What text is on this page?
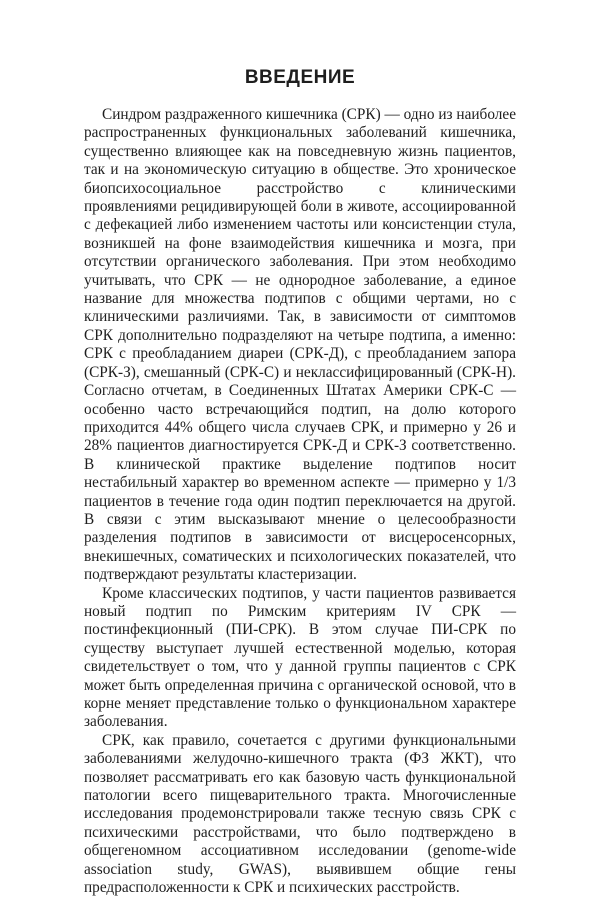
ВВЕДЕНИЕ

Синдром раздраженного кишечника (СРК) — одно из наиболее распространенных функциональных заболеваний кишечника, существенно влияющее как на повседневную жизнь пациентов, так и на экономическую ситуацию в обществе. Это хроническое биопсихосоциальное расстройство с клиническими проявлениями рецидивирующей боли в животе, ассоциированной с дефекацией либо изменением частоты или консистенции стула, возникшей на фоне взаимодействия кишечника и мозга, при отсутствии органического заболевания. При этом необходимо учитывать, что СРК — не однородное заболевание, а единое название для множества подтипов с общими чертами, но с клиническими различиями. Так, в зависимости от симптомов СРК дополнительно подразделяют на четыре подтипа, а именно: СРК с преобладанием диареи (СРК-Д), с преобладанием запора (СРК-З), смешанный (СРК-С) и неклассифицированный (СРК-Н). Согласно отчетам, в Соединенных Штатах Америки СРК-С — особенно часто встречающийся подтип, на долю которого приходится 44% общего числа случаев СРК, и примерно у 26 и 28% пациентов диагностируется СРК-Д и СРК-З соответственно. В клинической практике выделение подтипов носит нестабильный характер во временном аспекте — примерно у 1/3 пациентов в течение года один подтип переключается на другой. В связи с этим высказывают мнение о целесообразности разделения подтипов в зависимости от висцеросенсорных, внекишечных, соматических и психологических показателей, что подтверждают результаты кластеризации.

Кроме классических подтипов, у части пациентов развивается новый подтип по Римским критериям IV СРК — постинфекционный (ПИ-СРК). В этом случае ПИ-СРК по существу выступает лучшей естественной моделью, которая свидетельствует о том, что у данной группы пациентов с СРК может быть определенная причина с органической основой, что в корне меняет представление только о функциональном характере заболевания.

СРК, как правило, сочетается с другими функциональными заболеваниями желудочно-кишечного тракта (ФЗ ЖКТ), что позволяет рассматривать его как базовую часть функциональной патологии всего пищеварительного тракта. Многочисленные исследования продемонстрировали также тесную связь СРК с психическими расстройствами, что было подтверждено в общегеномном ассоциативном исследовании (genome-wide association study, GWAS), выявившем общие гены предрасположенности к СРК и психических расстройств.
